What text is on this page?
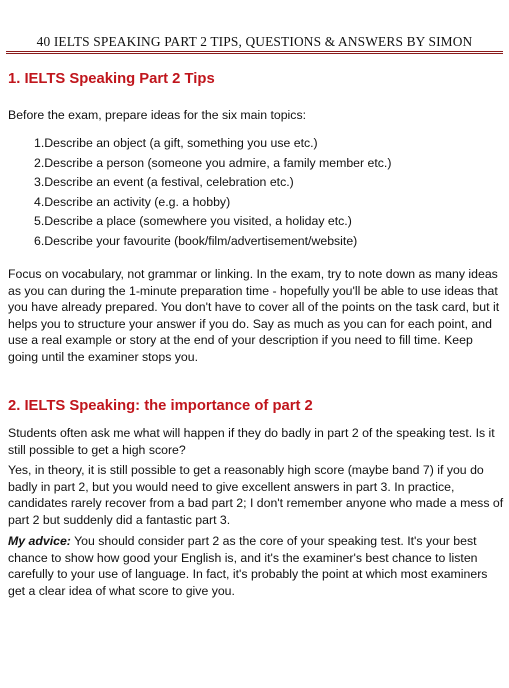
40 IELTS SPEAKING PART 2 TIPS, QUESTIONS & ANSWERS BY SIMON
1. IELTS Speaking Part 2 Tips
Before the exam, prepare ideas for the six main topics:
1.Describe an object (a gift, something you use etc.)
2.Describe a person (someone you admire, a family member etc.)
3.Describe an event (a festival, celebration etc.)
4.Describe an activity (e.g. a hobby)
5.Describe a place (somewhere you visited, a holiday etc.)
6.Describe your favourite (book/film/advertisement/website)
Focus on vocabulary, not grammar or linking. In the exam, try to note down as many ideas as you can during the 1-minute preparation time - hopefully you'll be able to use ideas that you have already prepared. You don't have to cover all of the points on the task card, but it helps you to structure your answer if you do. Say as much as you can for each point, and use a real example or story at the end of your description if you need to fill time. Keep going until the examiner stops you.
2. IELTS Speaking: the importance of part 2
Students often ask me what will happen if they do badly in part 2 of the speaking test. Is it still possible to get a high score?
Yes, in theory, it is still possible to get a reasonably high score (maybe band 7) if you do badly in part 2, but you would need to give excellent answers in part 3. In practice, candidates rarely recover from a bad part 2; I don't remember anyone who made a mess of part 2 but suddenly did a fantastic part 3.
My advice: You should consider part 2 as the core of your speaking test. It's your best chance to show how good your English is, and it's the examiner's best chance to listen carefully to your use of language. In fact, it's probably the point at which most examiners get a clear idea of what score to give you.
